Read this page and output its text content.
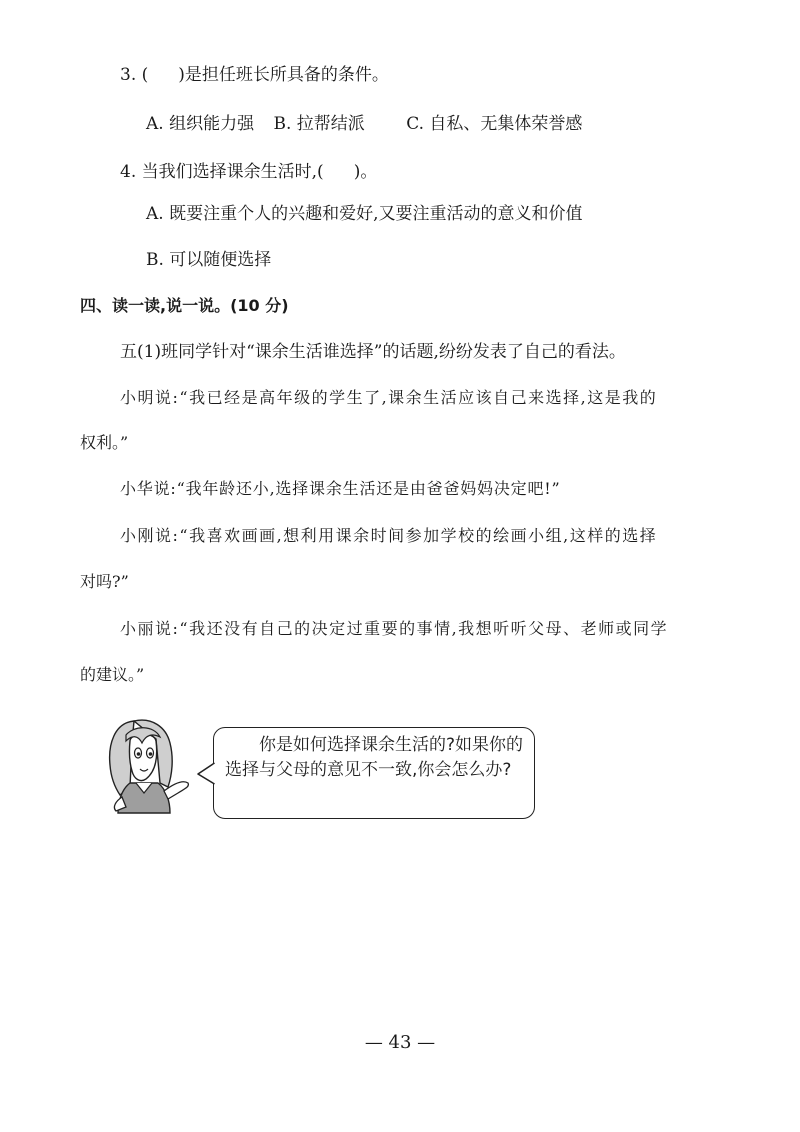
3. ( )是担任班长所具备的条件。
A. 组织能力强 B. 拉帮结派 C. 自私、无集体荣誉感
4. 当我们选择课余生活时,( )。
A. 既要注重个人的兴趣和爱好,又要注重活动的意义和价值
B. 可以随便选择
四、读一读,说一说。(10 分)
五(1)班同学针对“课余生活谁选择”的话题,纷纷发表了自己的看法。
小明说:“我已经是高年级的学生了,课余生活应该自己来选择,这是我的
权利。”
小华说:“我年龄还小,选择课余生活还是由爸爸妈妈决定吧!”
小刚说:“我喜欢画画,想利用课余时间参加学校的绘画小组,这样的选择
对吗?”
小丽说:“我还没有自己的决定过重要的事情,我想听听父母、老师或同学
的建议。”
你是如何选择课余生活的?如果你的选择与父母的意见不一致,你会怎么办?
— 43 —
